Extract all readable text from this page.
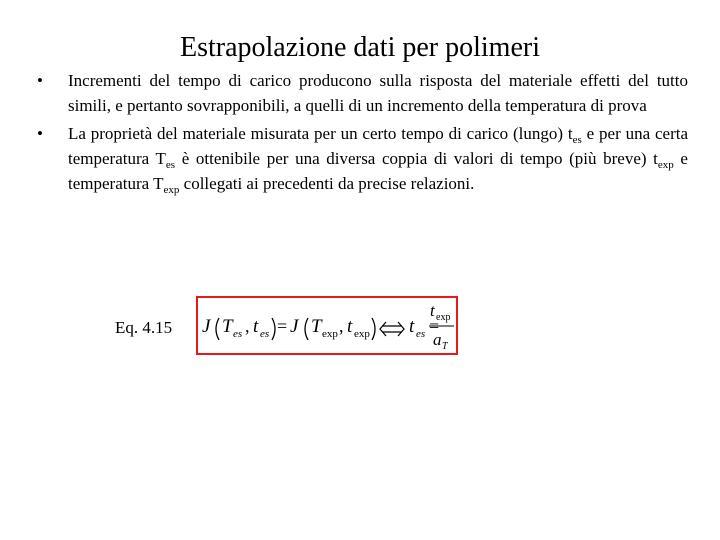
Estrapolazione dati per polimeri
•	Incrementi del tempo di carico producono sulla risposta del materiale effetti del tutto simili, e pertanto sovrapponibili, a quelli di un incremento della temperatura di prova
•	La proprietà del materiale misurata per un certo tempo di carico (lungo) $t_{es}$ e per una certa temperatura $T_{es}$ è ottenibile per una diversa coppia di valori di tempo (più breve) $t_{exp}$ e temperatura $T_{exp}$ collegati ai precedenti da precise relazioni.
Eq. 4.15 J T es , t es = J T exp , t exp t es =
t exp
a T
